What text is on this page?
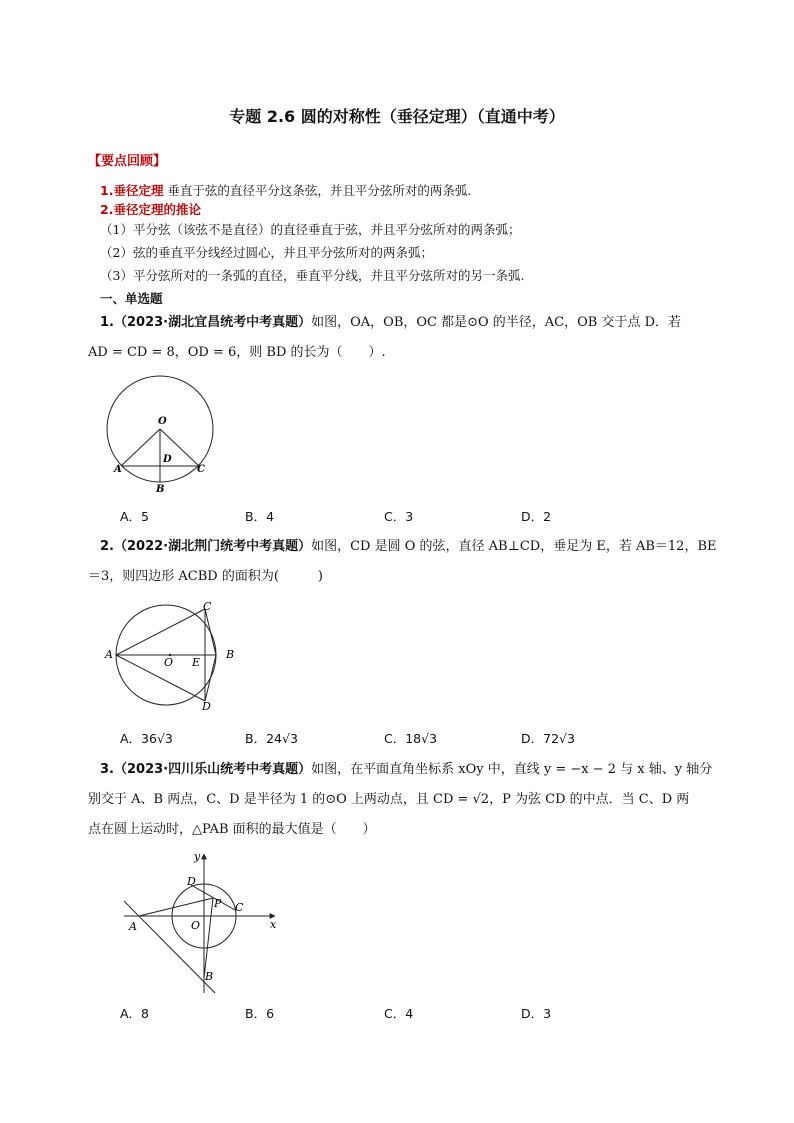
专题 2.6 圆的对称性（垂径定理）（直通中考）
【要点回顾】
1.垂径定理 垂直于弦的直径平分这条弦，并且平分弦所对的两条弧.
2.垂径定理的推论
（1）平分弦（该弦不是直径）的直径垂直于弦，并且平分弦所对的两条弧；
（2）弦的垂直平分线经过圆心，并且平分弦所对的两条弧；
（3）平分弦所对的一条弧的直径，垂直平分线，并且平分弦所对的另一条弧.
一、单选题
1.（2023·湖北宜昌统考中考真题）如图，OA，OB，OC 都是⊙O 的半径，AC，OB 交于点 D．若
AD = CD = 8，OD = 6，则 BD 的长为（　　）.
O
A	C
D
B
A．5	B．4	C．3	D．2
2.（2022·湖北荆门统考中考真题）如图，CD 是圆 O 的弦，直径 AB⊥CD，垂足为 E，若 AB＝12，BE
＝3，则四边形 ACBD 的面积为(　　　)
A	B
C
D
O E
A．36√3	B．24√3	C．18√3	D．72√3
3.（2023·四川乐山统考中考真题）如图，在平面直角坐标系 xOy 中，直线 y = −x − 2 与 x 轴、y 轴分
别交于 A、B 两点，C、D 是半径为 1 的⊙O 上两动点，且 CD = √2，P 为弦 CD 的中点．当 C、D 两
点在圆上运动时，△PAB 面积的最大值是（　　）
x
y
A
B
C
D
O
P
A．8	B．6	C．4	D．3
